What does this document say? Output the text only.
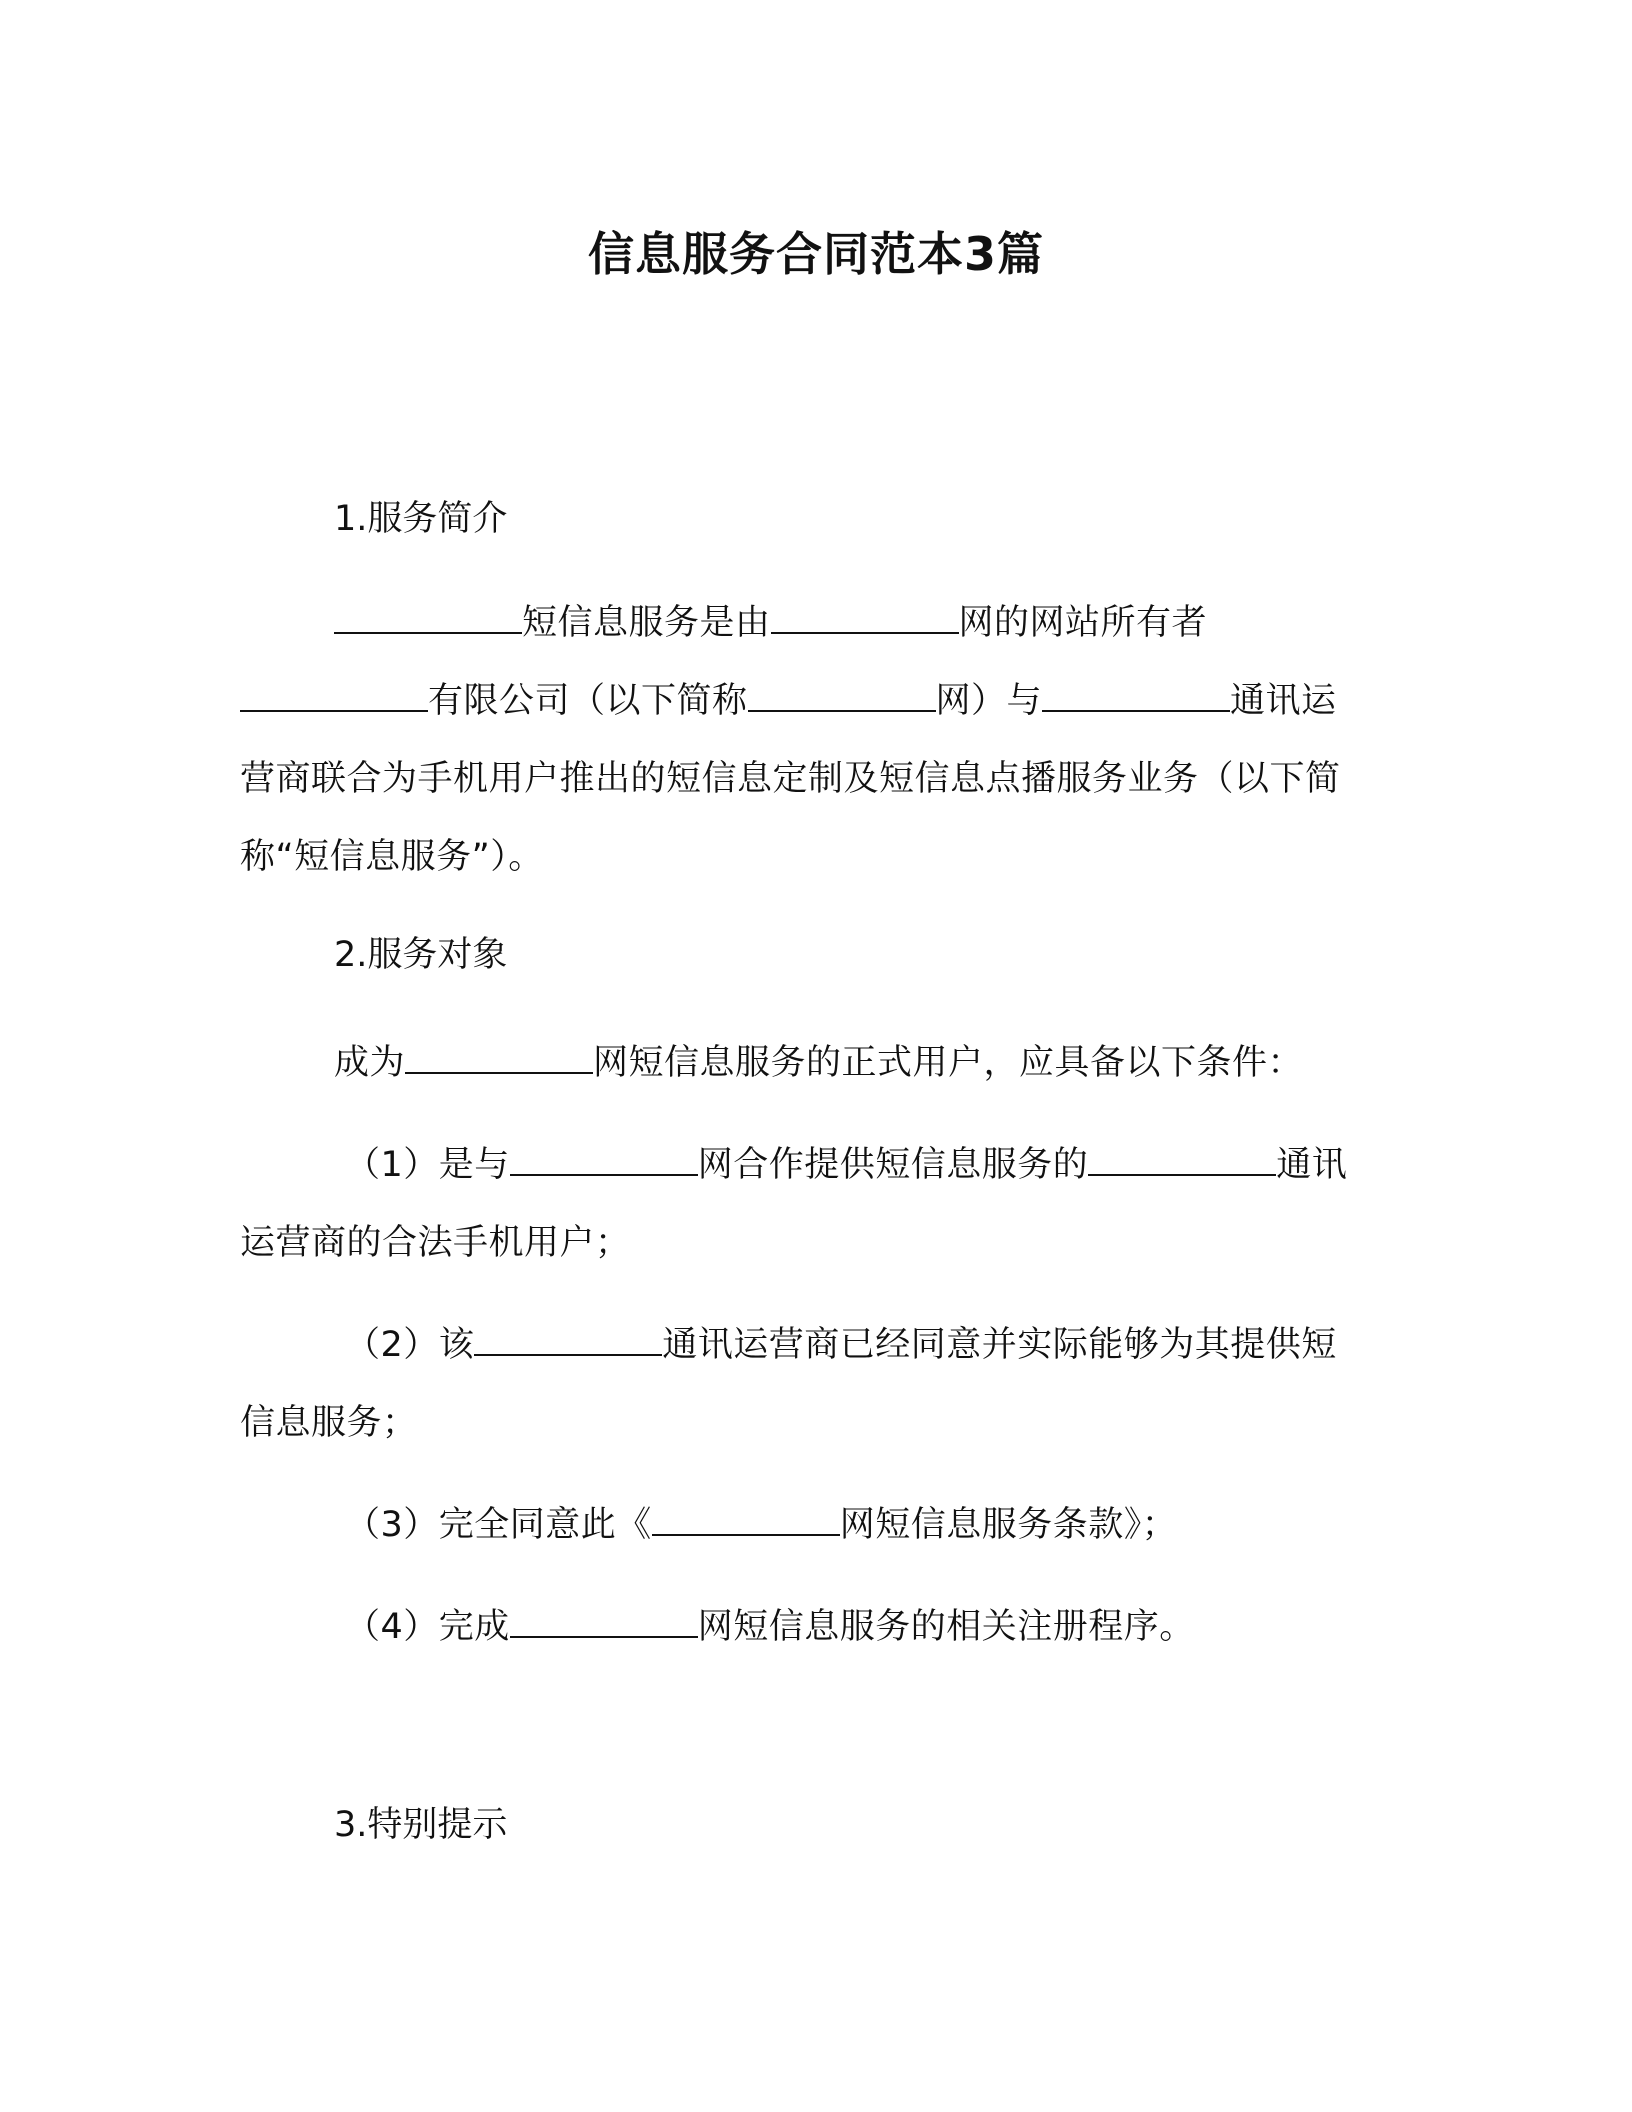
信息服务合同范本3篇
1.服务简介
短信息服务是由	网的网站所有者有限公司（以下简称	网）与	通讯运营商联合为手机用户推出的短信息定制及短信息点播服务业务（以下简称“短信息服务”）。
2.服务对象
成为	网短信息服务的正式用户，应具备以下条件：
（1）是与	网合作提供短信息服务的	通讯运营商的合法手机用户；
（2）该	通讯运营商已经同意并实际能够为其提供短信息服务；
（3）完全同意此《	网短信息服务条款》；
（4）完成	网短信息服务的相关注册程序。
3.特别提示
